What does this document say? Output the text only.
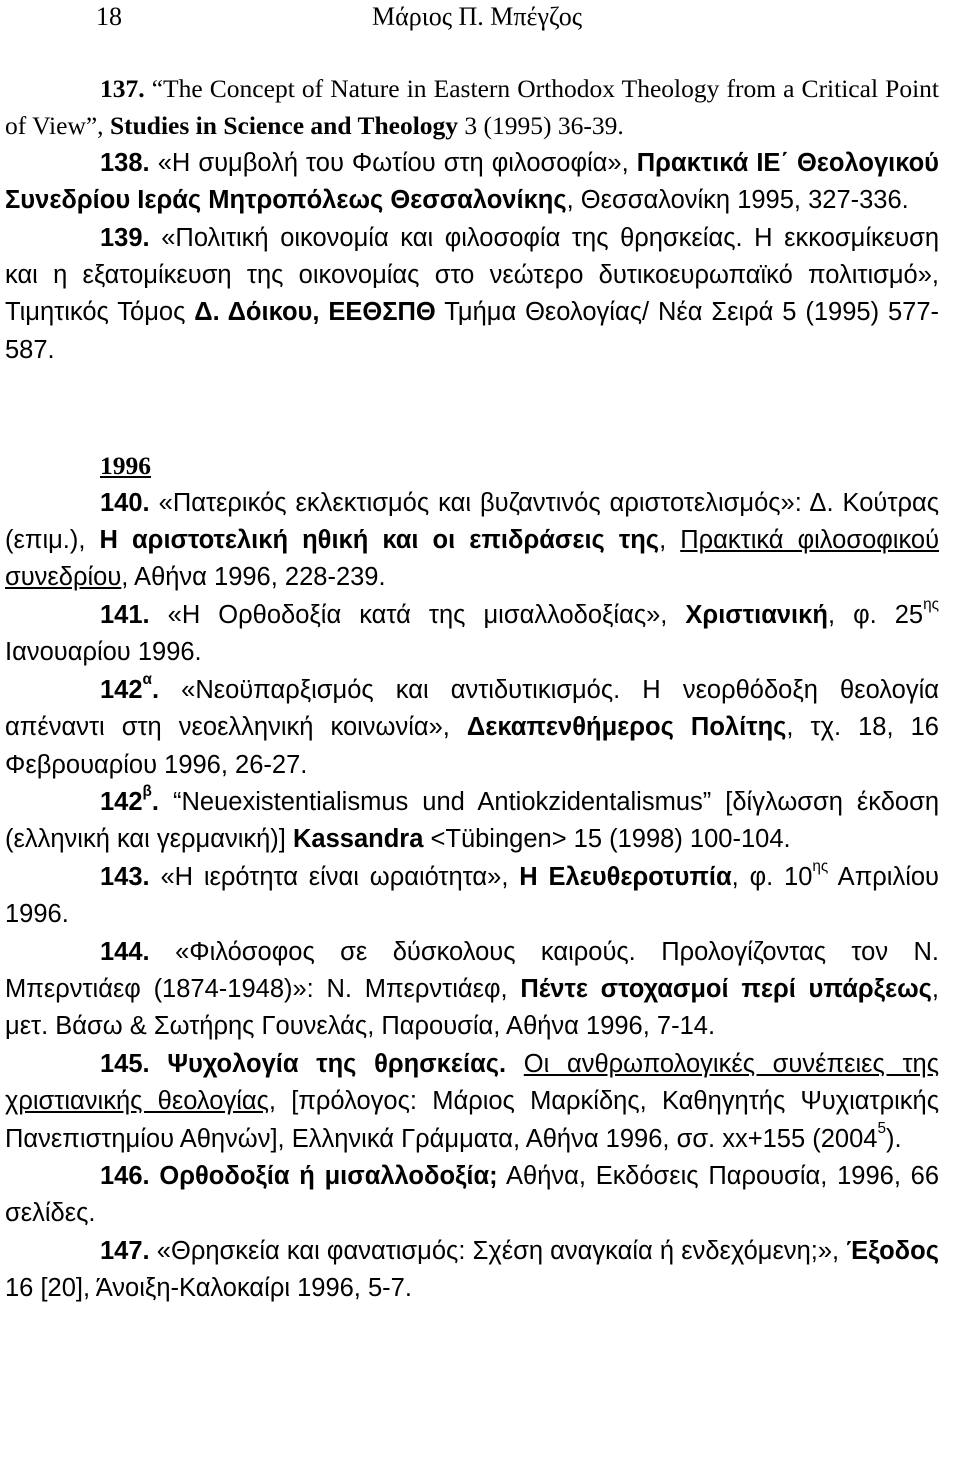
18	Μάριος Π. Μπέγζος

137. “The Concept of Nature in Eastern Orthodox Theology from a Critical Point of View”, Studies in Science and Theology 3 (1995) 36-39.

138. «Η συμβολή του Φωτίου στη φιλοσοφία», Πρακτικά ΙΕ΄ Θεολογικού Συνεδρίου Ιεράς Μητροπόλεως Θεσσαλονίκης, Θεσσαλονίκη 1995, 327-336.

139. «Πολιτική οικονομία και φιλοσοφία της θρησκείας. Η εκκοσμίκευση και η εξατομίκευση της οικονομίας στο νεώτερο δυτικοευρωπαϊκό πολιτισμό», Τιμητικός Τόμος Δ. Δόικου, ΕΕΘΣΠΘ Τμήμα Θεολογίας/ Νέα Σειρά 5 (1995) 577-587.

1996

140. «Πατερικός εκλεκτισμός και βυζαντινός αριστοτελισμός»: Δ. Κούτρας (επιμ.), Η αριστοτελική ηθική και οι επιδράσεις της, Πρακτικά φιλοσοφικού συνεδρίου, Αθήνα 1996, 228-239.

141. «Η Ορθοδοξία κατά της μισαλλοδοξίας», Χριστιανική, φ. $25^{\eta\varsigma}$ Ιανουαρίου 1996.

$142^\alpha$. «Νεοϋπαρξισμός και αντιδυτικισμός. Η νεορθόδοξη θεολογία απέναντι στη νεοελληνική κοινωνία», Δεκαπενθήμερος Πολίτης, τχ. 18, 16 Φεβρουαρίου 1996, 26-27.

$142^\beta$. “Neuexistentialismus und Antiokzidentalismus” [δίγλωσση έκδοση (ελληνική και γερμανική)] Kassandra <Tübingen> 15 (1998) 100-104.

143. «Η ιερότητα είναι ωραιότητα», Η Ελευθεροτυπία, φ. $10^{\eta\varsigma}$ Απριλίου 1996.

144. «Φιλόσοφος σε δύσκολους καιρούς. Προλογίζοντας τον Ν. Μπερντιάεφ (1874-1948)»: Ν. Μπερντιάεφ, Πέντε στοχασμοί περί υπάρξεως, μετ. Βάσω & Σωτήρης Γουνελάς, Παρουσία, Αθήνα 1996, 7-14.

145. Ψυχολογία της θρησκείας. Οι ανθρωπολογικές συνέπειες της χριστιανικής θεολογίας, [πρόλογος: Μάριος Μαρκίδης, Καθηγητής Ψυχιατρικής Πανεπιστημίου Αθηνών], Ελληνικά Γράμματα, Αθήνα 1996, σσ. xx+155 (2004$^5$).

146. Ορθοδοξία ή μισαλλοδοξία; Αθήνα, Εκδόσεις Παρουσία, 1996, 66 σελίδες.

147. «Θρησκεία και φανατισμός: Σχέση αναγκαία ή ενδεχόμενη;», Έξοδος 16 [20], Άνοιξη-Καλοκαίρι 1996, 5-7.
